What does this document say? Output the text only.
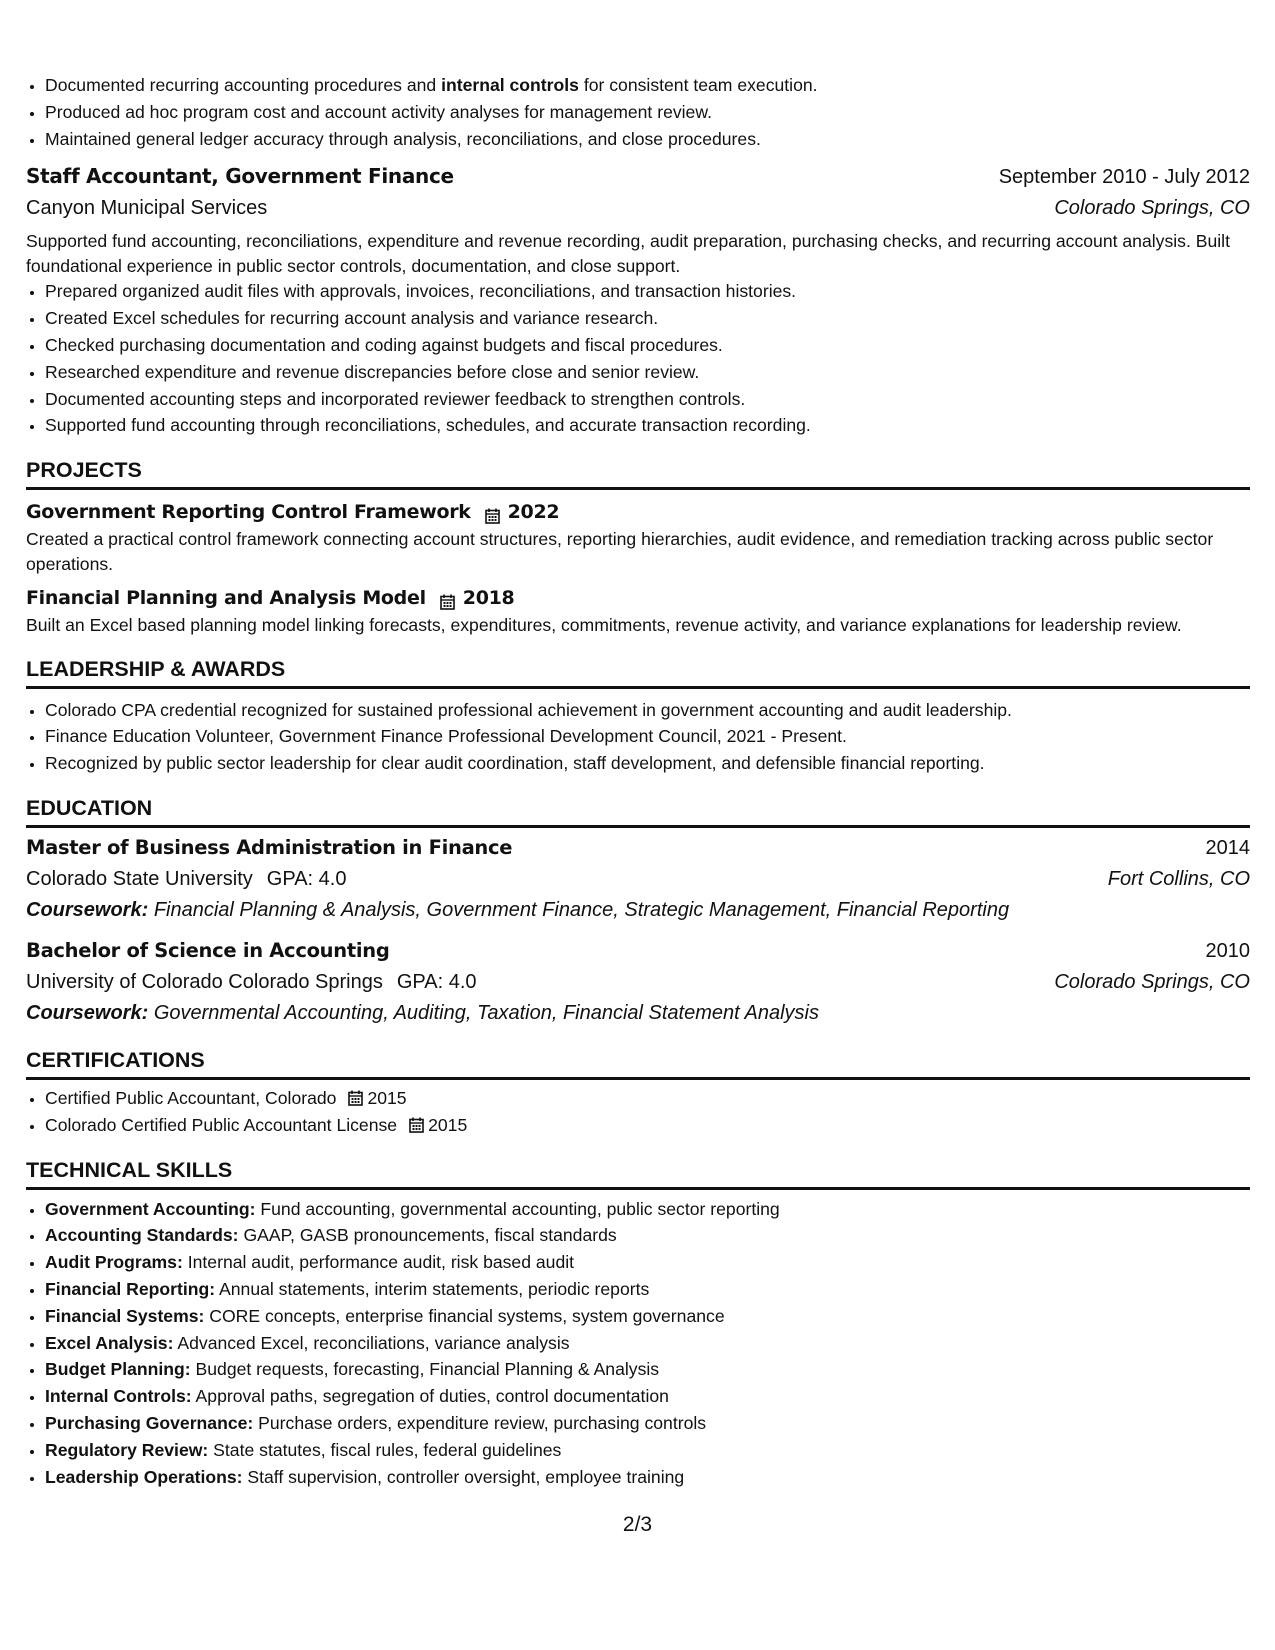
• Documented recurring accounting procedures and internal controls for consistent team execution.
• Produced ad hoc program cost and account activity analyses for management review.
• Maintained general ledger accuracy through analysis, reconciliations, and close procedures.
Staff Accountant, Government Finance	September 2010 - July 2012
Canyon Municipal Services	Colorado Springs, CO

Supported fund accounting, reconciliations, expenditure and revenue recording, audit preparation, purchasing checks, and recurring account analysis. Built foundational experience in public sector controls, documentation, and close support.

• Prepared organized audit files with approvals, invoices, reconciliations, and transaction histories.
• Created Excel schedules for recurring account analysis and variance research.
• Checked purchasing documentation and coding against budgets and fiscal procedures.
• Researched expenditure and revenue discrepancies before close and senior review.
• Documented accounting steps and incorporated reviewer feedback to strengthen controls.
• Supported fund accounting through reconciliations, schedules, and accurate transaction recording.
PROJECTS
Government Reporting Control Framework 2022

Created a practical control framework connecting account structures, reporting hierarchies, audit evidence, and remediation tracking across public sector operations.

Financial Planning and Analysis Model 2018

Built an Excel based planning model linking forecasts, expenditures, commitments, revenue activity, and variance explanations for leadership review.

LEADERSHIP & AWARDS
• Colorado CPA credential recognized for sustained professional achievement in government accounting and audit leadership.
• Finance Education Volunteer, Government Finance Professional Development Council, 2021 - Present.
• Recognized by public sector leadership for clear audit coordination, staff development, and defensible financial reporting.
EDUCATION
Master of Business Administration in Finance	2014
Colorado State University GPA: 4.0	Fort Collins, CO
Coursework: Financial Planning & Analysis, Government Finance, Strategic Management, Financial Reporting
Bachelor of Science in Accounting	2010
University of Colorado Colorado Springs GPA: 4.0	Colorado Springs, CO
Coursework: Governmental Accounting, Auditing, Taxation, Financial Statement Analysis
CERTIFICATIONS
• Certified Public Accountant, Colorado 2015
• Colorado Certified Public Accountant License 2015
TECHNICAL SKILLS
• Government Accounting: Fund accounting, governmental accounting, public sector reporting
• Accounting Standards: GAAP, GASB pronouncements, fiscal standards
• Audit Programs: Internal audit, performance audit, risk based audit
• Financial Reporting: Annual statements, interim statements, periodic reports
• Financial Systems: CORE concepts, enterprise financial systems, system governance
• Excel Analysis: Advanced Excel, reconciliations, variance analysis
• Budget Planning: Budget requests, forecasting, Financial Planning & Analysis
• Internal Controls: Approval paths, segregation of duties, control documentation
• Purchasing Governance: Purchase orders, expenditure review, purchasing controls
• Regulatory Review: State statutes, fiscal rules, federal guidelines
• Leadership Operations: Staff supervision, controller oversight, employee training
2/3
